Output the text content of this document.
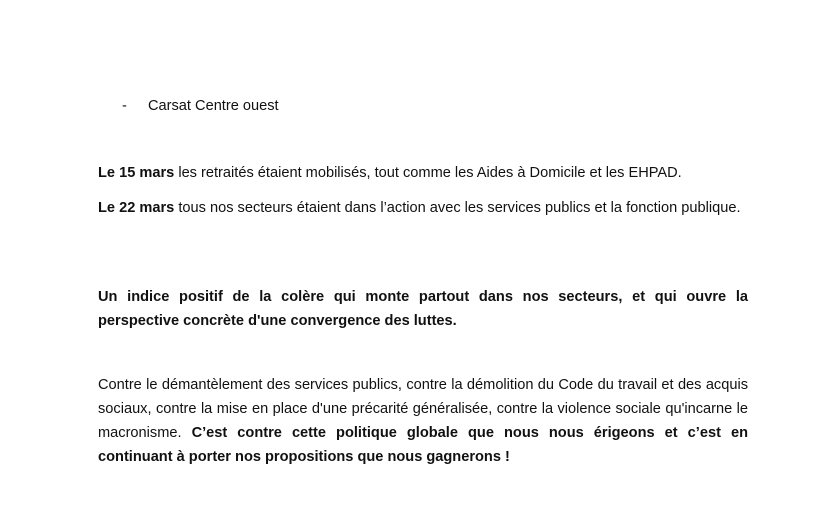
- Carsat Centre ouest

Le 15 mars les retraités étaient mobilisés, tout comme les Aides à Domicile et les EHPAD.

Le 22 mars tous nos secteurs étaient dans l’action avec les services publics et la fonction publique.

Un indice positif de la colère qui monte partout dans nos secteurs, et qui ouvre la perspective concrète d'une convergence des luttes.

Contre le démantèlement des services publics, contre la démolition du Code du travail et des acquis sociaux, contre la mise en place d'une précarité généralisée, contre la violence sociale qu'incarne le macronisme. C’est contre cette politique globale que nous nous érigeons et c’est en continuant à porter nos propositions que nous gagnerons !
